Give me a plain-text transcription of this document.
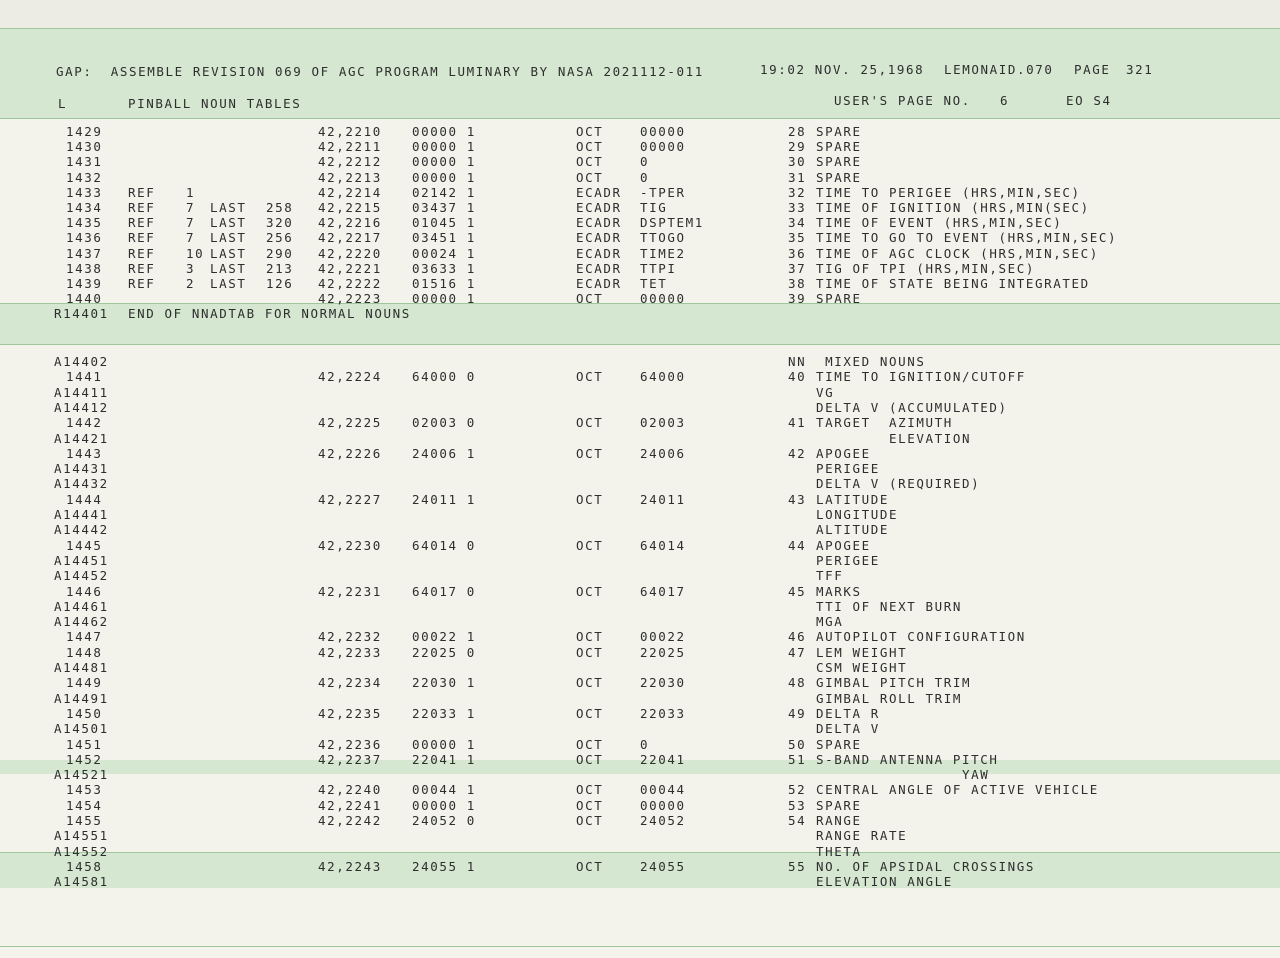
GAP:  ASSEMBLE REVISION 069 OF AGC PROGRAM LUMINARY BY NASA 2021112-011	19:02 NOV. 25,1968 LEMONAID.070 PAGE 321
L	PINBALL NOUN TABLES	USER'S PAGE NO. 6	EO S4
1429	42,2210 00000 1	OCT	00000	28 SPARE
1430	42,2211 00000 1	OCT	00000	29 SPARE
1431	42,2212 00000 1	OCT	0	30 SPARE
1432	42,2213 00000 1	OCT	0	31 SPARE
1433 REF 1	42,2214 02142 1	ECADR -TPER	32 TIME TO PERIGEE (HRS,MIN,SEC)
1434 REF 7 LAST 258 42,2215 03437 1	ECADR TIG	33 TIME OF IGNITION (HRS,MIN(SEC)
1435 REF 7 LAST 320 42,2216 01045 1	ECADR DSPTEM1	34 TIME OF EVENT (HRS,MIN,SEC)
1436 REF 7 LAST 256 42,2217 03451 1	ECADR TTOGO	35 TIME TO GO TO EVENT (HRS,MIN,SEC)
1437 REF 10 LAST 290 42,2220 00024 1	ECADR TIME2	36 TIME OF AGC CLOCK (HRS,MIN,SEC)
1438 REF 3 LAST 213 42,2221 03633 1	ECADR TTPI	37 TIG OF TPI (HRS,MIN,SEC)
1439 REF 2 LAST 126 42,2222 01516 1	ECADR TET	38 TIME OF STATE BEING INTEGRATED
1440	42,2223 00000 1	OCT	00000	39 SPARE
R14401 END OF NNADTAB FOR NORMAL NOUNS
A14402	NN MIXED NOUNS
1441	42,2224 64000 0	OCT	64000	40 TIME TO IGNITION/CUTOFF
A14411	VG
A14412	DELTA V (ACCUMULATED)
1442	42,2225 02003 0	OCT	02003	41 TARGET  AZIMUTH
A14421	ELEVATION
1443	42,2226 24006 1	OCT	24006	42 APOGEE
A14431	PERIGEE
A14432	DELTA V (REQUIRED)
1444	42,2227 24011 1	OCT	24011	43 LATITUDE
A14441	LONGITUDE
A14442	ALTITUDE
1445	42,2230 64014 0	OCT	64014	44 APOGEE
A14451	PERIGEE
A14452	TFF
1446	42,2231 64017 0	OCT	64017	45 MARKS
A14461	TTI OF NEXT BURN
A14462	MGA
1447	42,2232 00022 1	OCT	00022	46 AUTOPILOT CONFIGURATION
1448	42,2233 22025 0	OCT	22025	47 LEM WEIGHT
A14481	CSM WEIGHT
1449	42,2234 22030 1	OCT	22030	48 GIMBAL PITCH TRIM
A14491	GIMBAL ROLL TRIM
1450	42,2235 22033 1	OCT	22033	49 DELTA R
A14501	DELTA V
1451	42,2236 00000 1	OCT	0	50 SPARE
1452	42,2237 22041 1	OCT	22041	51 S-BAND ANTENNA PITCH
A14521	YAW
1453	42,2240 00044 1	OCT	00044	52 CENTRAL ANGLE OF ACTIVE VEHICLE
1454	42,2241 00000 1	OCT	00000	53 SPARE
1455	42,2242 24052 0	OCT	24052	54 RANGE
A14551	RANGE RATE
A14552	THETA
1458	42,2243 24055 1	OCT	24055	55 NO. OF APSIDAL CROSSINGS
A14581	ELEVATION ANGLE
